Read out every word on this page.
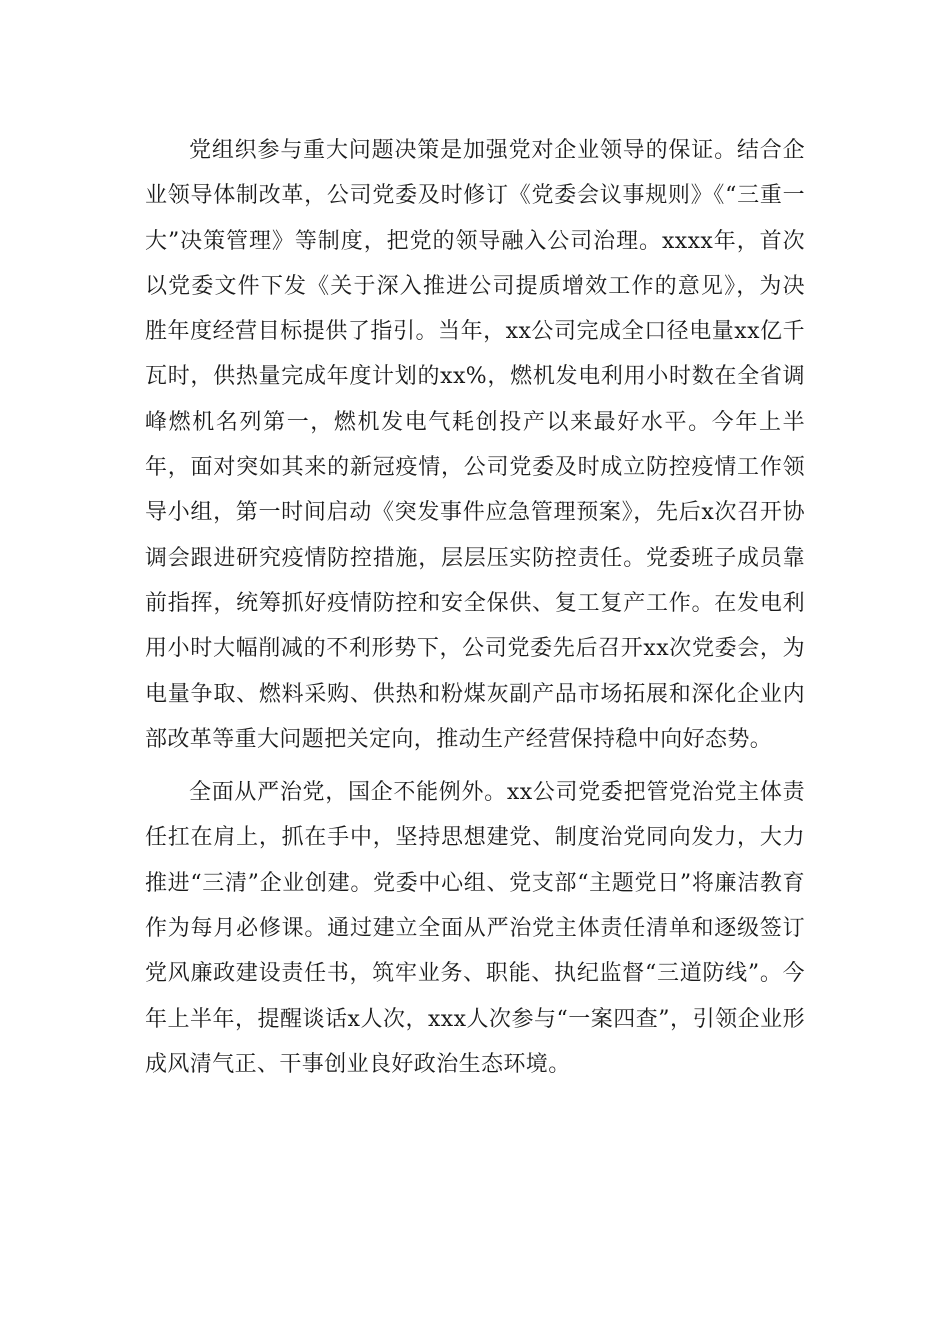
党组织参与重大问题决策是加强党对企业领导的保证。结合企业领导体制改革，公司党委及时修订《党委会议事规则》《“三重一大”决策管理》等制度，把党的领导融入公司治理。xxxx年，首次以党委文件下发《关于深入推进公司提质增效工作的意见》，为决胜年度经营目标提供了指引。当年，xx公司完成全口径电量xx亿千瓦时，供热量完成年度计划的xx%，燃机发电利用小时数在全省调峰燃机名列第一，燃机发电气耗创投产以来最好水平。今年上半年，面对突如其来的新冠疫情，公司党委及时成立防控疫情工作领导小组，第一时间启动《突发事件应急管理预案》，先后x次召开协调会跟进研究疫情防控措施，层层压实防控责任。党委班子成员靠前指挥，统筹抓好疫情防控和安全保供、复工复产工作。在发电利用小时大幅削减的不利形势下，公司党委先后召开xx次党委会，为电量争取、燃料采购、供热和粉煤灰副产品市场拓展和深化企业内部改革等重大问题把关定向，推动生产经营保持稳中向好态势。

全面从严治党，国企不能例外。xx公司党委把管党治党主体责任扛在肩上，抓在手中，坚持思想建党、制度治党同向发力，大力推进“三清”企业创建。党委中心组、党支部“主题党日”将廉洁教育作为每月必修课。通过建立全面从严治党主体责任清单和逐级签订党风廉政建设责任书，筑牢业务、职能、执纪监督“三道防线”。今年上半年，提醒谈话x人次，xxx人次参与“一案四查”，引领企业形成风清气正、干事创业良好政治生态环境。
